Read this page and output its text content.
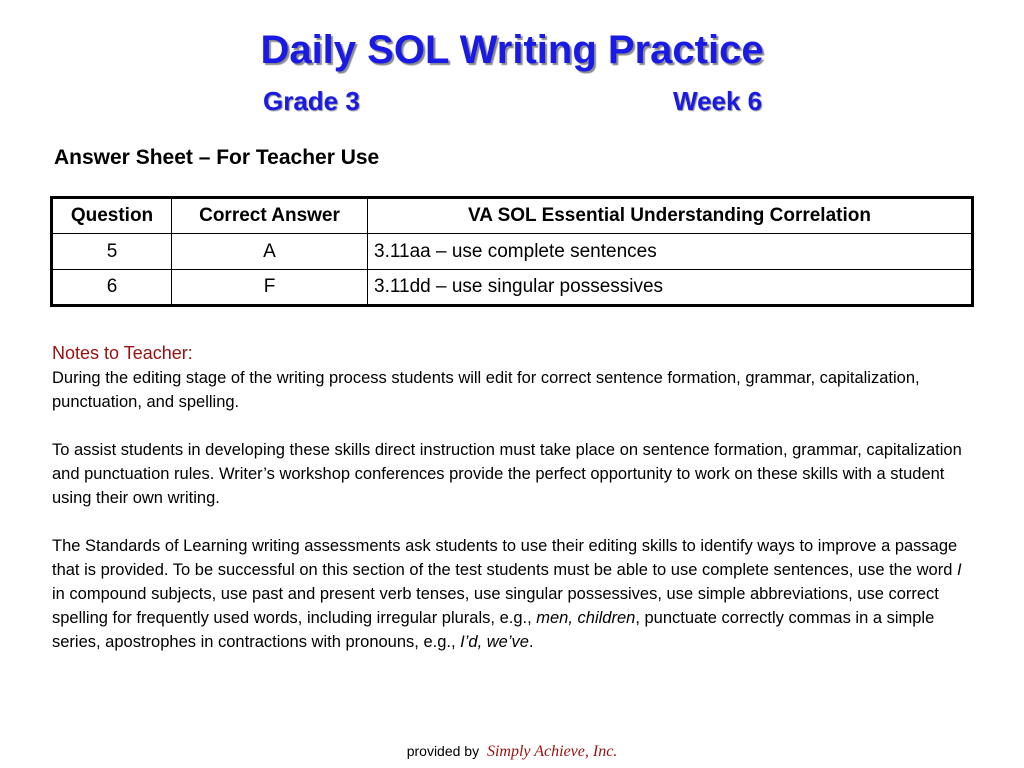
Daily SOL Writing Practice
Grade 3	Week 6
Answer Sheet – For Teacher Use
Question	Correct Answer	VA SOL Essential Understanding Correlation
5	A	3.11aa – use complete sentences
6	F	3.11dd – use singular possessives
Notes to Teacher:

During the editing stage of the writing process students will edit for correct sentence formation, grammar, capitalization, punctuation, and spelling.

To assist students in developing these skills direct instruction must take place on sentence formation, grammar, capitalization and punctuation rules. Writer’s workshop conferences provide the perfect opportunity to work on these skills with a student using their own writing.

The Standards of Learning writing assessments ask students to use their editing skills to identify ways to improve a passage that is provided. To be successful on this section of the test students must be able to use complete sentences, use the word I in compound subjects, use past and present verb tenses, use singular possessives, use simple abbreviations, use correct spelling for frequently used words, including irregular plurals, e.g., men, children, punctuate correctly commas in a simple series, apostrophes in contractions with pronouns, e.g., I’d, we’ve.

provided by Simply Achieve, Inc.
